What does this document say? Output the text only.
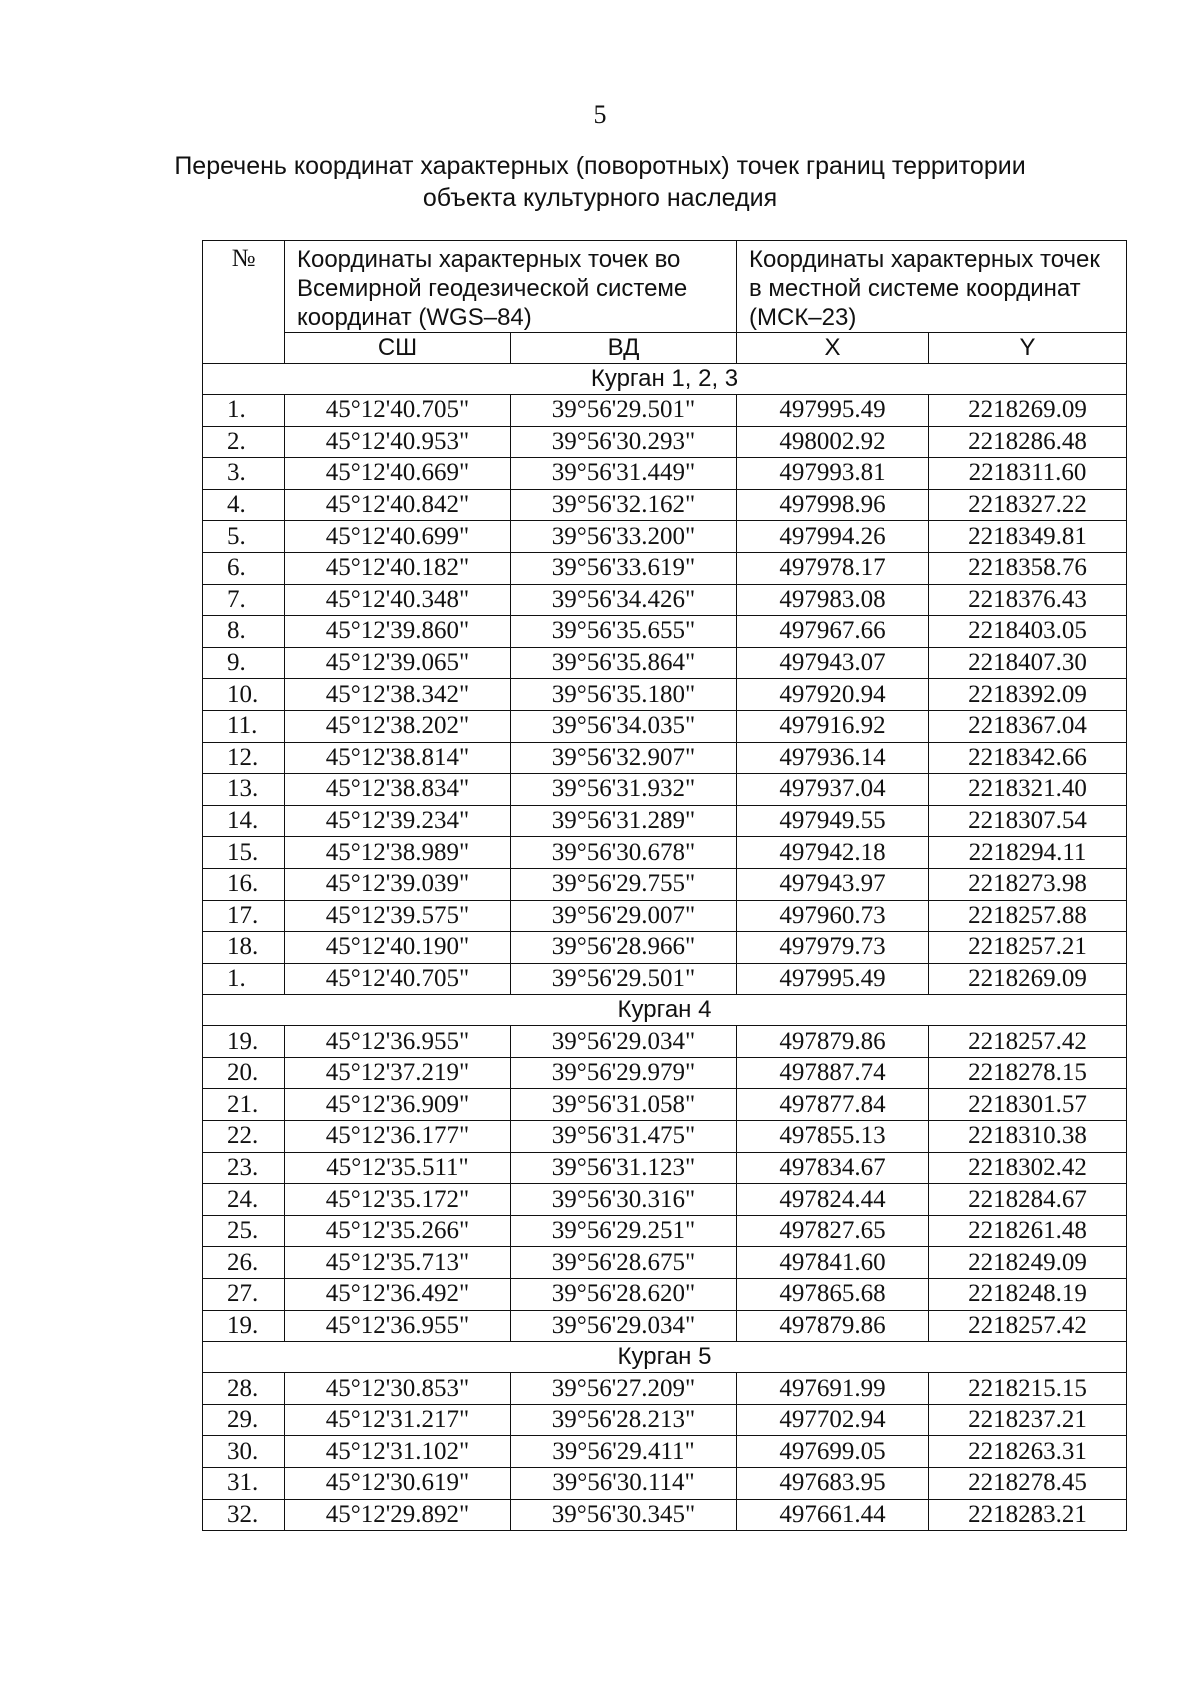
5
Перечень координат характерных (поворотных) точек границ территории
объекта культурного наследия
№	Координаты характерных точек во Всемирной геодезической системе координат (WGS–84)		Координаты характерных точек в местной системе координат (МСК–23)	
	СШ	ВД	X	Y
Курган 1, 2, 3				
1.	45°12'40.705"	39°56'29.501"	497995.49	2218269.09
2.	45°12'40.953"	39°56'30.293"	498002.92	2218286.48
3.	45°12'40.669"	39°56'31.449"	497993.81	2218311.60
4.	45°12'40.842"	39°56'32.162"	497998.96	2218327.22
5.	45°12'40.699"	39°56'33.200"	497994.26	2218349.81
6.	45°12'40.182"	39°56'33.619"	497978.17	2218358.76
7.	45°12'40.348"	39°56'34.426"	497983.08	2218376.43
8.	45°12'39.860"	39°56'35.655"	497967.66	2218403.05
9.	45°12'39.065"	39°56'35.864"	497943.07	2218407.30
10.	45°12'38.342"	39°56'35.180"	497920.94	2218392.09
11.	45°12'38.202"	39°56'34.035"	497916.92	2218367.04
12.	45°12'38.814"	39°56'32.907"	497936.14	2218342.66
13.	45°12'38.834"	39°56'31.932"	497937.04	2218321.40
14.	45°12'39.234"	39°56'31.289"	497949.55	2218307.54
15.	45°12'38.989"	39°56'30.678"	497942.18	2218294.11
16.	45°12'39.039"	39°56'29.755"	497943.97	2218273.98
17.	45°12'39.575"	39°56'29.007"	497960.73	2218257.88
18.	45°12'40.190"	39°56'28.966"	497979.73	2218257.21
1.	45°12'40.705"	39°56'29.501"	497995.49	2218269.09
Курган 4				
19.	45°12'36.955"	39°56'29.034"	497879.86	2218257.42
20.	45°12'37.219"	39°56'29.979"	497887.74	2218278.15
21.	45°12'36.909"	39°56'31.058"	497877.84	2218301.57
22.	45°12'36.177"	39°56'31.475"	497855.13	2218310.38
23.	45°12'35.511"	39°56'31.123"	497834.67	2218302.42
24.	45°12'35.172"	39°56'30.316"	497824.44	2218284.67
25.	45°12'35.266"	39°56'29.251"	497827.65	2218261.48
26.	45°12'35.713"	39°56'28.675"	497841.60	2218249.09
27.	45°12'36.492"	39°56'28.620"	497865.68	2218248.19
19.	45°12'36.955"	39°56'29.034"	497879.86	2218257.42
Курган 5				
28.	45°12'30.853"	39°56'27.209"	497691.99	2218215.15
29.	45°12'31.217"	39°56'28.213"	497702.94	2218237.21
30.	45°12'31.102"	39°56'29.411"	497699.05	2218263.31
31.	45°12'30.619"	39°56'30.114"	497683.95	2218278.45
32.	45°12'29.892"	39°56'30.345"	497661.44	2218283.21
